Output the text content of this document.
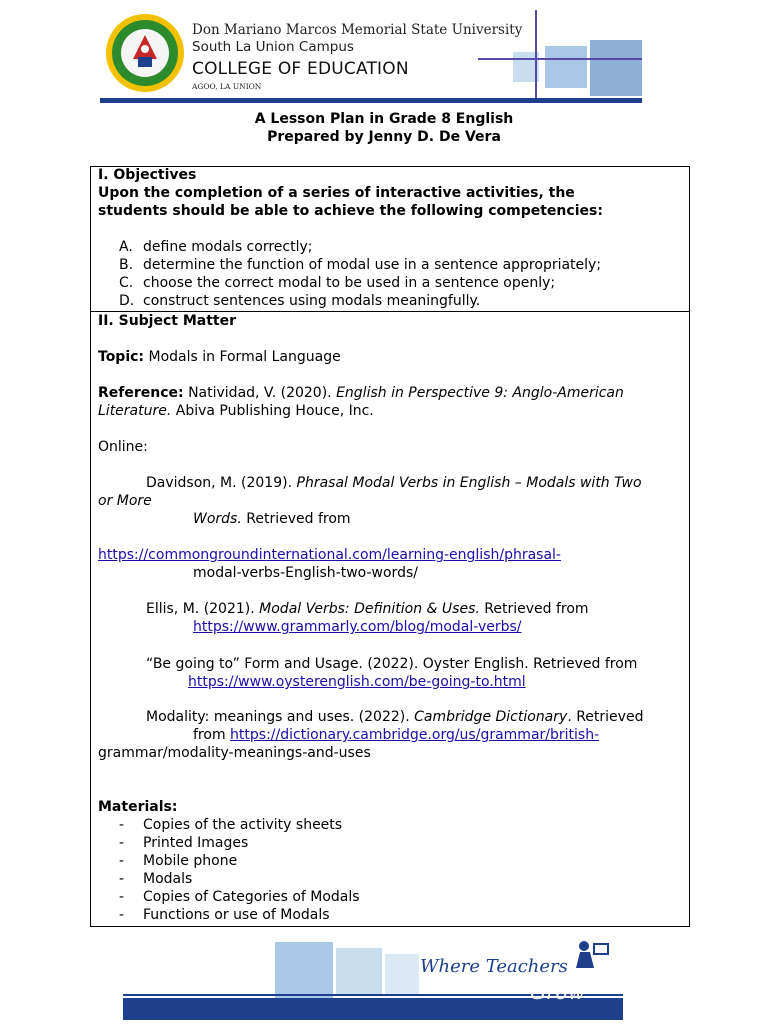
Don Mariano Marcos Memorial State University
South La Union Campus
COLLEGE OF EDUCATION
AGOO, LA UNION
A Lesson Plan in Grade 8 English
Prepared by Jenny D. De Vera
I. Objectives
Upon the completion of a series of interactive activities, the
students should be able to achieve the following competencies:
A. define modals correctly;
B. determine the function of modal use in a sentence appropriately;
C. choose the correct modal to be used in a sentence openly;
D. construct sentences using modals meaningfully.
II. Subject Matter
Topic: Modals in Formal Language
Reference: Natividad, V. (2020). English in Perspective 9: Anglo-American
Literature. Abiva Publishing Houce, Inc.
Online:
Davidson, M. (2019). Phrasal Modal Verbs in English – Modals with Two
or More
Words. Retrieved from
https://commongroundinternational.com/learning-english/phrasal-
modal-verbs-English-two-words/
Ellis, M. (2021). Modal Verbs: Definition & Uses. Retrieved from
https://www.grammarly.com/blog/modal-verbs/
“Be going to” Form and Usage. (2022). Oyster English. Retrieved from
https://www.oysterenglish.com/be-going-to.html
Modality: meanings and uses. (2022). Cambridge Dictionary. Retrieved
from https://dictionary.cambridge.org/us/grammar/british-
grammar/modality-meanings-and-uses
Materials:
- Copies of the activity sheets
- Printed Images
- Mobile phone
- Modals
- Copies of Categories of Modals
- Functions or use of Modals
Where Teachers
Grow
